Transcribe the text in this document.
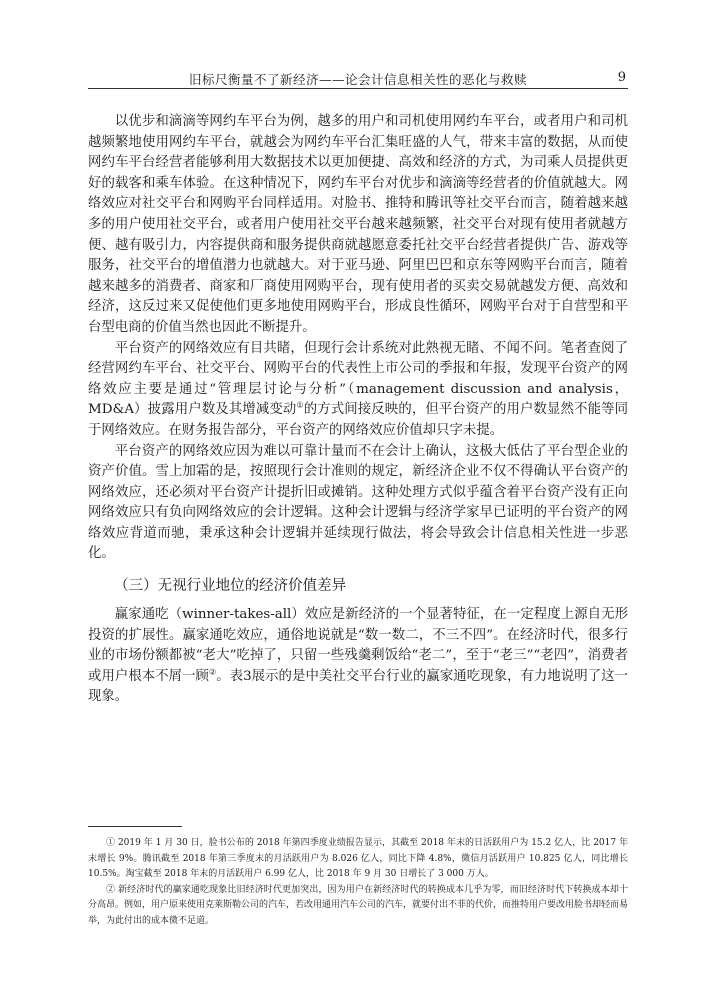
旧标尺衡量不了新经济——论会计信息相关性的恶化与救赎	9

以优步和滴滴等网约车平台为例，越多的用户和司机使用网约车平台，或者用户和司机越频繁地使用网约车平台，就越会为网约车平台汇集旺盛的人气，带来丰富的数据，从而使网约车平台经营者能够利用大数据技术以更加便捷、高效和经济的方式，为司乘人员提供更好的载客和乘车体验。在这种情况下，网约车平台对优步和滴滴等经营者的价值就越大。网络效应对社交平台和网购平台同样适用。对脸书、推特和腾讯等社交平台而言，随着越来越多的用户使用社交平台，或者用户使用社交平台越来越频繁，社交平台对现有使用者就越方便、越有吸引力，内容提供商和服务提供商就越愿意委托社交平台经营者提供广告、游戏等服务，社交平台的增值潜力也就越大。对于亚马逊、阿里巴巴和京东等网购平台而言，随着越来越多的消费者、商家和厂商使用网购平台，现有使用者的买卖交易就越发方便、高效和经济，这反过来又促使他们更多地使用网购平台，形成良性循环，网购平台对于自营型和平台型电商的价值当然也因此不断提升。

平台资产的网络效应有目共睹，但现行会计系统对此熟视无睹、不闻不问。笔者查阅了经营网约车平台、社交平台、网购平台的代表性上市公司的季报和年报，发现平台资产的网络效应主要是通过“管理层讨论与分析”（management discussion and analysis，MD&A）披露用户数及其增减变动①的方式间接反映的，但平台资产的用户数显然不能等同于网络效应。在财务报告部分，平台资产的网络效应价值却只字未提。

平台资产的网络效应因为难以可靠计量而不在会计上确认，这极大低估了平台型企业的资产价值。雪上加霜的是，按照现行会计准则的规定，新经济企业不仅不得确认平台资产的网络效应，还必须对平台资产计提折旧或摊销。这种处理方式似乎蕴含着平台资产没有正向网络效应只有负向网络效应的会计逻辑。这种会计逻辑与经济学家早已证明的平台资产的网络效应背道而驰，秉承这种会计逻辑并延续现行做法，将会导致会计信息相关性进一步恶化。

（三）无视行业地位的经济价值差异

赢家通吃（winner-takes-all）效应是新经济的一个显著特征，在一定程度上源自无形投资的扩展性。赢家通吃效应，通俗地说就是“数一数二，不三不四”。在经济时代，很多行业的市场份额都被“老大”吃掉了，只留一些残羹剩饭给“老二”，至于“老三”“老四”，消费者或用户根本不屑一顾②。表3展示的是中美社交平台行业的赢家通吃现象，有力地说明了这一现象。

① 2019 年 1 月 30 日，脸书公布的 2018 年第四季度业绩报告显示，其截至 2018 年末的日活跃用户为 15.2 亿人，比 2017 年末增长 9%。腾讯截至 2018 年第三季度末的月活跃用户为 8.026 亿人，同比下降 4.8%，微信月活跃用户 10.825 亿人，同比增长 10.5%。淘宝截至 2018 年末的月活跃用户 6.99 亿人，比 2018 年 9 月 30 日增长了 3 000 万人。

② 新经济时代的赢家通吃现象比旧经济时代更加突出，因为用户在新经济时代的转换成本几乎为零，而旧经济时代下转换成本却十分高昂。例如，用户原来使用克莱斯勒公司的汽车，若改用通用汽车公司的汽车，就要付出不菲的代价，而推特用户要改用脸书却轻而易举，为此付出的成本微不足道。
